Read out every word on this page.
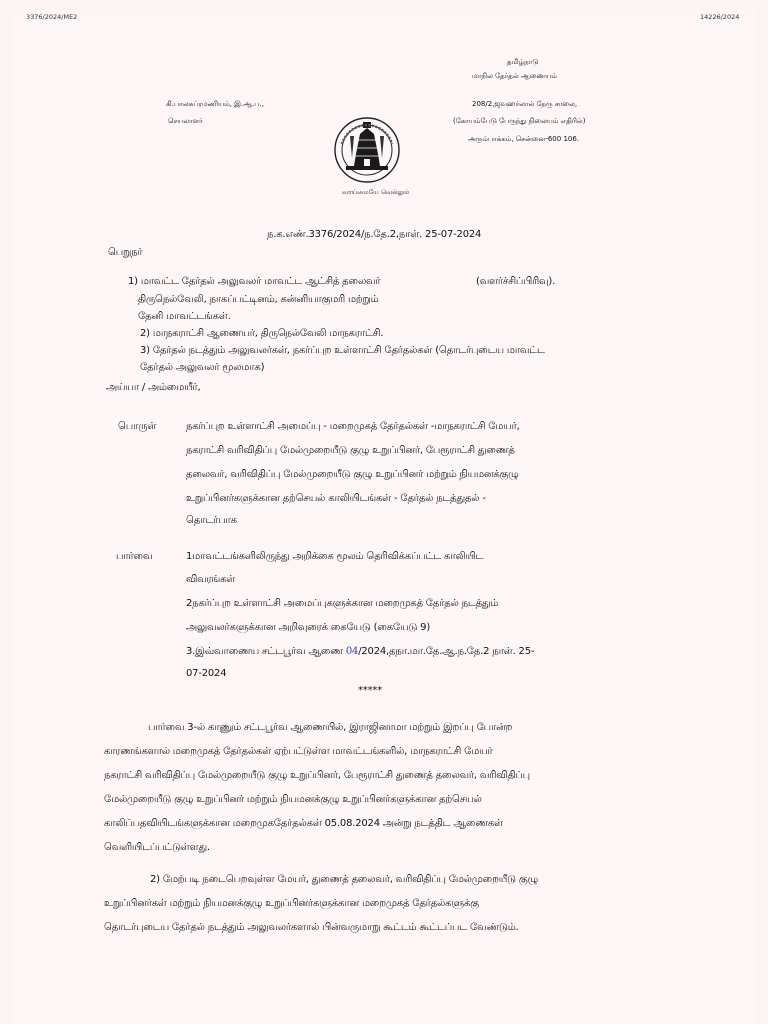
3376/2024/ME2	14226/2024
தமிழ்நாடு
மாநில தேர்தல் ஆணையம்
கி.பாலசுப்ரமணியம், இ.ஆ.ப.,
செயலாளர்
208/2,ஜவஹர்லால் நேரு சாலை,
(கோயம்பேடு பேருந்து நிலையம் எதிரில்)
அரும்பாக்கம், சென்னை-600 106.
வாய்மையே வெல்லும்
ந.க.எண்.3376/2024/ந.தே.2,நாள். 25-07-2024
பெறுநர்
1) மாவட்ட தேர்தல் அலுவலர் மாவட்ட ஆட்சித் தலைவர்	(வளர்ச்சிப்பிரிவு).
திருநெல்வேலி, நாகப்பட்டினம், கன்னியாகுமரி மற்றும்
தேனி மாவட்டங்கள்.
2) மாநகராட்சி ஆணையர், திருநெல்வேலி மாநகராட்சி.
3) தேர்தல் நடத்தும் அலுவலர்கள், நகர்ப்புற உள்ளாட்சி தேர்தல்கள் (தொடர்புடைய மாவட்ட
தேர்தல் அலுவலர் மூலமாக)
அய்யா / அம்மையீர்,
பொருள்	நகர்ப்புற உள்ளாட்சி அமைப்பு - மறைமுகத் தேர்தல்கள் -மாநகராட்சி மேயர்,
நகராட்சி வரிவிதிப்பு மேல்முறையீடு குழு உறுப்பினர், பேரூராட்சி துணைத்
தலைவர், வரிவிதிப்பு மேல்முறையீடு குழு உறுப்பினர் மற்றும் நியமனக்குழு
உறுப்பினர்களுக்கான தற்செயல் காலியிடங்கள் - தேர்தல் நடத்துதல் -
தொடர்பாக
பார்வை	1மாவட்டங்களிலிருந்து அறிக்கை மூலம் தெரிவிக்கப்பட்ட காலியிட
விவரங்கள்
2நகர்ப்புற உள்ளாட்சி அமைப்புகளுக்கான மறைமுகத் தேர்தல் நடத்தும்
அலுவலர்களுக்கான அறிவுரைக் கையேடு (கையேடு 9)
3.இவ்வாணைய சட்டபூர்வ ஆணை 04/2024,தநா.மா.தே.ஆ.ந.தே.2 நாள். 25-
07-2024
*****
பார்வை 3-ல் காணும் சட்டபூர்வ ஆணையில், இராஜினாமா மற்றும் இறப்பு போன்ற
காரணங்களால் மறைமுகத் தேர்தல்கள் ஏற்பட்டுள்ள மாவட்டங்களில், மாநகராட்சி மேயர்
நகராட்சி வரிவிதிப்பு மேல்முறையீடு குழு உறுப்பினர், பேரூராட்சி துணைத் தலைவர், வரிவிதிப்பு
மேல்முறையீடு குழு உறுப்பினர் மற்றும் நியமனக்குழு உறுப்பினர்களுக்கான தற்செயல்
காலிப்பதவியிடங்களுக்கான மறைமுகதேர்தல்கள் 05.08.2024 அன்று நடத்திட ஆணைகள்
வெளியிடப்பட்டுள்ளது.
2) மேற்படி நடைபெறவுள்ள மேயர், துணைத் தலைவர், வரிவிதிப்பு மேல்முறையீடு குழு
உறுப்பினர்கள் மற்றும் நியமனக்குழு உறுப்பினர்களுக்கான மறைமுகத் தேர்தல்களுக்கு
தொடர்புடைய தேர்தல் நடத்தும் அலுவலர்களால் பின்வருமாறு கூட்டம் கூட்டப்பட வேண்டும்.
